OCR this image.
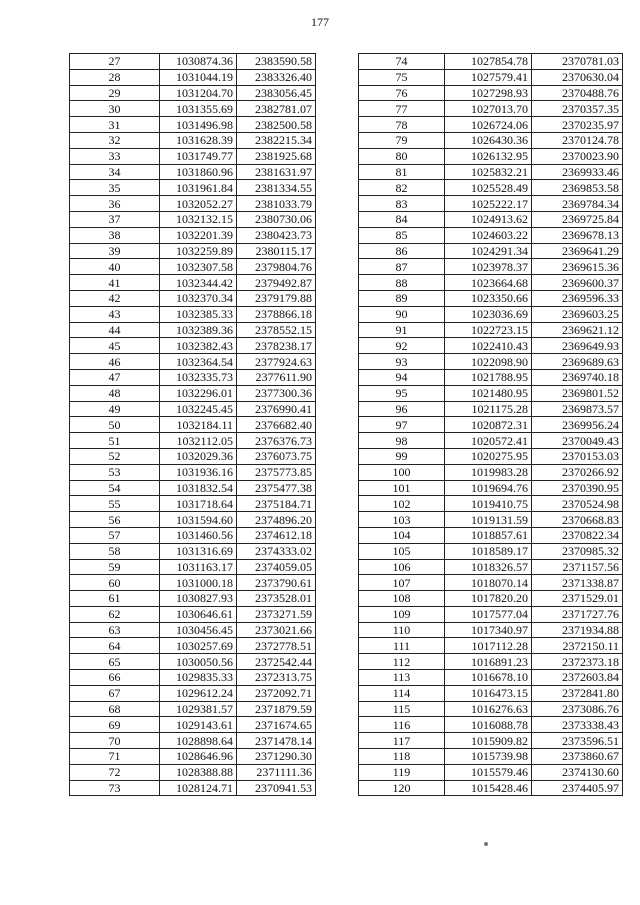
177
27	1030874.36	2383590.58
28	1031044.19	2383326.40
29	1031204.70	2383056.45
30	1031355.69	2382781.07
31	1031496.98	2382500.58
32	1031628.39	2382215.34
33	1031749.77	2381925.68
34	1031860.96	2381631.97
35	1031961.84	2381334.55
36	1032052.27	2381033.79
37	1032132.15	2380730.06
38	1032201.39	2380423.73
39	1032259.89	2380115.17
40	1032307.58	2379804.76
41	1032344.42	2379492.87
42	1032370.34	2379179.88
43	1032385.33	2378866.18
44	1032389.36	2378552.15
45	1032382.43	2378238.17
46	1032364.54	2377924.63
47	1032335.73	2377611.90
48	1032296.01	2377300.36
49	1032245.45	2376990.41
50	1032184.11	2376682.40
51	1032112.05	2376376.73
52	1032029.36	2376073.75
53	1031936.16	2375773.85
54	1031832.54	2375477.38
55	1031718.64	2375184.71
56	1031594.60	2374896.20
57	1031460.56	2374612.18
58	1031316.69	2374333.02
59	1031163.17	2374059.05
60	1031000.18	2373790.61
61	1030827.93	2373528.01
62	1030646.61	2373271.59
63	1030456.45	2373021.66
64	1030257.69	2372778.51
65	1030050.56	2372542.44
66	1029835.33	2372313.75
67	1029612.24	2372092.71
68	1029381.57	2371879.59
69	1029143.61	2371674.65
70	1028898.64	2371478.14
71	1028646.96	2371290.30
72	1028388.88	2371111.36
73	1028124.71	2370941.53
74	1027854.78	2370781.03
75	1027579.41	2370630.04
76	1027298.93	2370488.76
77	1027013.70	2370357.35
78	1026724.06	2370235.97
79	1026430.36	2370124.78
80	1026132.95	2370023.90
81	1025832.21	2369933.46
82	1025528.49	2369853.58
83	1025222.17	2369784.34
84	1024913.62	2369725.84
85	1024603.22	2369678.13
86	1024291.34	2369641.29
87	1023978.37	2369615.36
88	1023664.68	2369600.37
89	1023350.66	2369596.33
90	1023036.69	2369603.25
91	1022723.15	2369621.12
92	1022410.43	2369649.93
93	1022098.90	2369689.63
94	1021788.95	2369740.18
95	1021480.95	2369801.52
96	1021175.28	2369873.57
97	1020872.31	2369956.24
98	1020572.41	2370049.43
99	1020275.95	2370153.03
100	1019983.28	2370266.92
101	1019694.76	2370390.95
102	1019410.75	2370524.98
103	1019131.59	2370668.83
104	1018857.61	2370822.34
105	1018589.17	2370985.32
106	1018326.57	2371157.56
107	1018070.14	2371338.87
108	1017820.20	2371529.01
109	1017577.04	2371727.76
110	1017340.97	2371934.88
111	1017112.28	2372150.11
112	1016891.23	2372373.18
113	1016678.10	2372603.84
114	1016473.15	2372841.80
115	1016276.63	2373086.76
116	1016088.78	2373338.43
117	1015909.82	2373596.51
118	1015739.98	2373860.67
119	1015579.46	2374130.60
120	1015428.46	2374405.97
